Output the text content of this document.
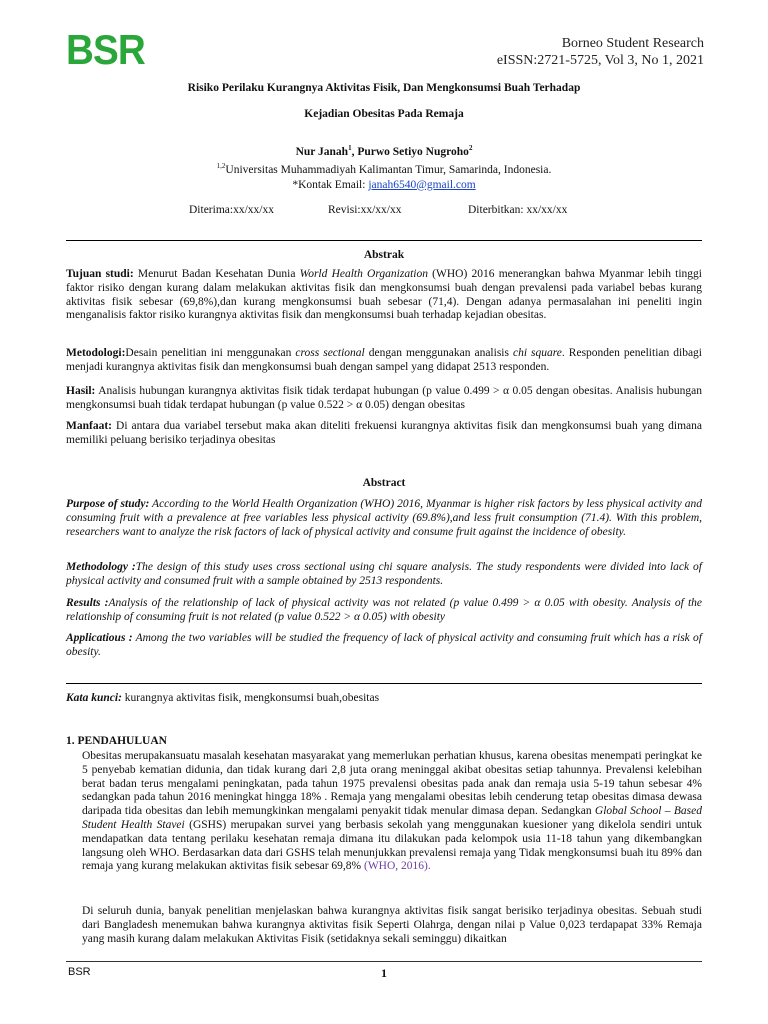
BSR	Borneo Student Research
eISSN:2721-5725, Vol 3, No 1, 2021
Risiko Perilaku Kurangnya Aktivitas Fisik, Dan Mengkonsumsi Buah Terhadap
Kejadian Obesitas Pada Remaja
Nur Janah$^1$, Purwo Setiyo Nugroho$^2$
$^{1,2}$Universitas Muhammadiyah Kalimantan Timur, Samarinda, Indonesia.
*Kontak Email: janah6540@gmail.com
Diterima:xx/xx/xx	Revisi:xx/xx/xx	Diterbitkan: xx/xx/xx
Abstrak
Tujuan studi: Menurut Badan Kesehatan Dunia World Health Organization (WHO) 2016 menerangkan bahwa Myanmar lebih tinggi faktor risiko dengan kurang dalam melakukan aktivitas fisik dan mengkonsumsi buah dengan prevalensi pada variabel bebas kurang aktivitas fisik sebesar (69,8%),dan kurang mengkonsumsi buah sebesar (71,4). Dengan adanya permasalahan ini peneliti ingin menganalisis faktor risiko kurangnya aktivitas fisik dan mengkonsumsi buah terhadap kejadian obesitas.
Metodologi:Desain penelitian ini menggunakan cross sectional dengan menggunakan analisis chi square. Responden penelitian dibagi menjadi kurangnya aktivitas fisik dan mengkonsumsi buah dengan sampel yang didapat 2513 responden.
Hasil: Analisis hubungan kurangnya aktivitas fisik tidak terdapat hubungan (p value 0.499 > α 0.05 dengan obesitas. Analisis hubungan mengkonsumsi buah tidak terdapat hubungan (p value 0.522 > α 0.05) dengan obesitas
Manfaat: Di antara dua variabel tersebut maka akan diteliti frekuensi kurangnya aktivitas fisik dan mengkonsumsi buah yang dimana memiliki peluang berisiko terjadinya obesitas
Abstract
Purpose of study: According to the World Health Organization (WHO) 2016, Myanmar is higher risk factors by less physical activity and consuming fruit with a prevalence at free variables less physical activity (69.8%),and less fruit consumption (71.4). With this problem, researchers want to analyze the risk factors of lack of physical activity and consume fruit against the incidence of obesity.
Methodology :The design of this study uses cross sectional using chi square analysis. The study respondents were divided into lack of physical activity and consumed fruit with a sample obtained by 2513 respondents.
Results :Analysis of the relationship of lack of physical activity was not related (p value 0.499 > α 0.05 with obesity. Analysis of the relationship of consuming fruit is not related (p value 0.522 > α 0.05) with obesity
Applicatious : Among the two variables will be studied the frequency of lack of physical activity and consuming fruit which has a risk of obesity.
Kata kunci: kurangnya aktivitas fisik, mengkonsumsi buah,obesitas
1. PENDAHULUAN
Obesitas merupakansuatu masalah kesehatan masyarakat yang memerlukan perhatian khusus, karena obesitas menempati peringkat ke 5 penyebab kematian didunia, dan tidak kurang dari 2,8 juta orang meninggal akibat obesitas setiap tahunnya. Prevalensi kelebihan berat badan terus mengalami peningkatan, pada tahun 1975 prevalensi obesitas pada anak dan remaja usia 5-19 tahun sebesar 4% sedangkan pada tahun 2016 meningkat hingga 18% . Remaja yang mengalami obesitas lebih cenderung tetap obesitas dimasa dewasa daripada tida obesitas dan lebih memungkinkan mengalami penyakit tidak menular dimasa depan. Sedangkan Global School – Based Student Health Stavei (GSHS) merupakan survei yang berbasis sekolah yang menggunakan kuesioner yang dikelola sendiri untuk mendapatkan data tentang perilaku kesehatan remaja dimana itu dilakukan pada kelompok usia 11-18 tahun yang dikembangkan langsung oleh WHO. Berdasarkan data dari GSHS telah menunjukkan prevalensi remaja yang Tidak mengkonsumsi buah itu 89% dan remaja yang kurang melakukan aktivitas fisik sebesar 69,8% (WHO, 2016).
Di seluruh dunia, banyak penelitian menjelaskan bahwa kurangnya aktivitas fisik sangat berisiko terjadinya obesitas. Sebuah studi dari Bangladesh menemukan bahwa kurangnya aktivitas fisik Seperti Olahrga, dengan nilai p Value 0,023 terdapapat 33% Remaja yang masih kurang dalam melakukan Aktivitas Fisik (setidaknya sekali seminggu) dikaitkan
BSR	1
